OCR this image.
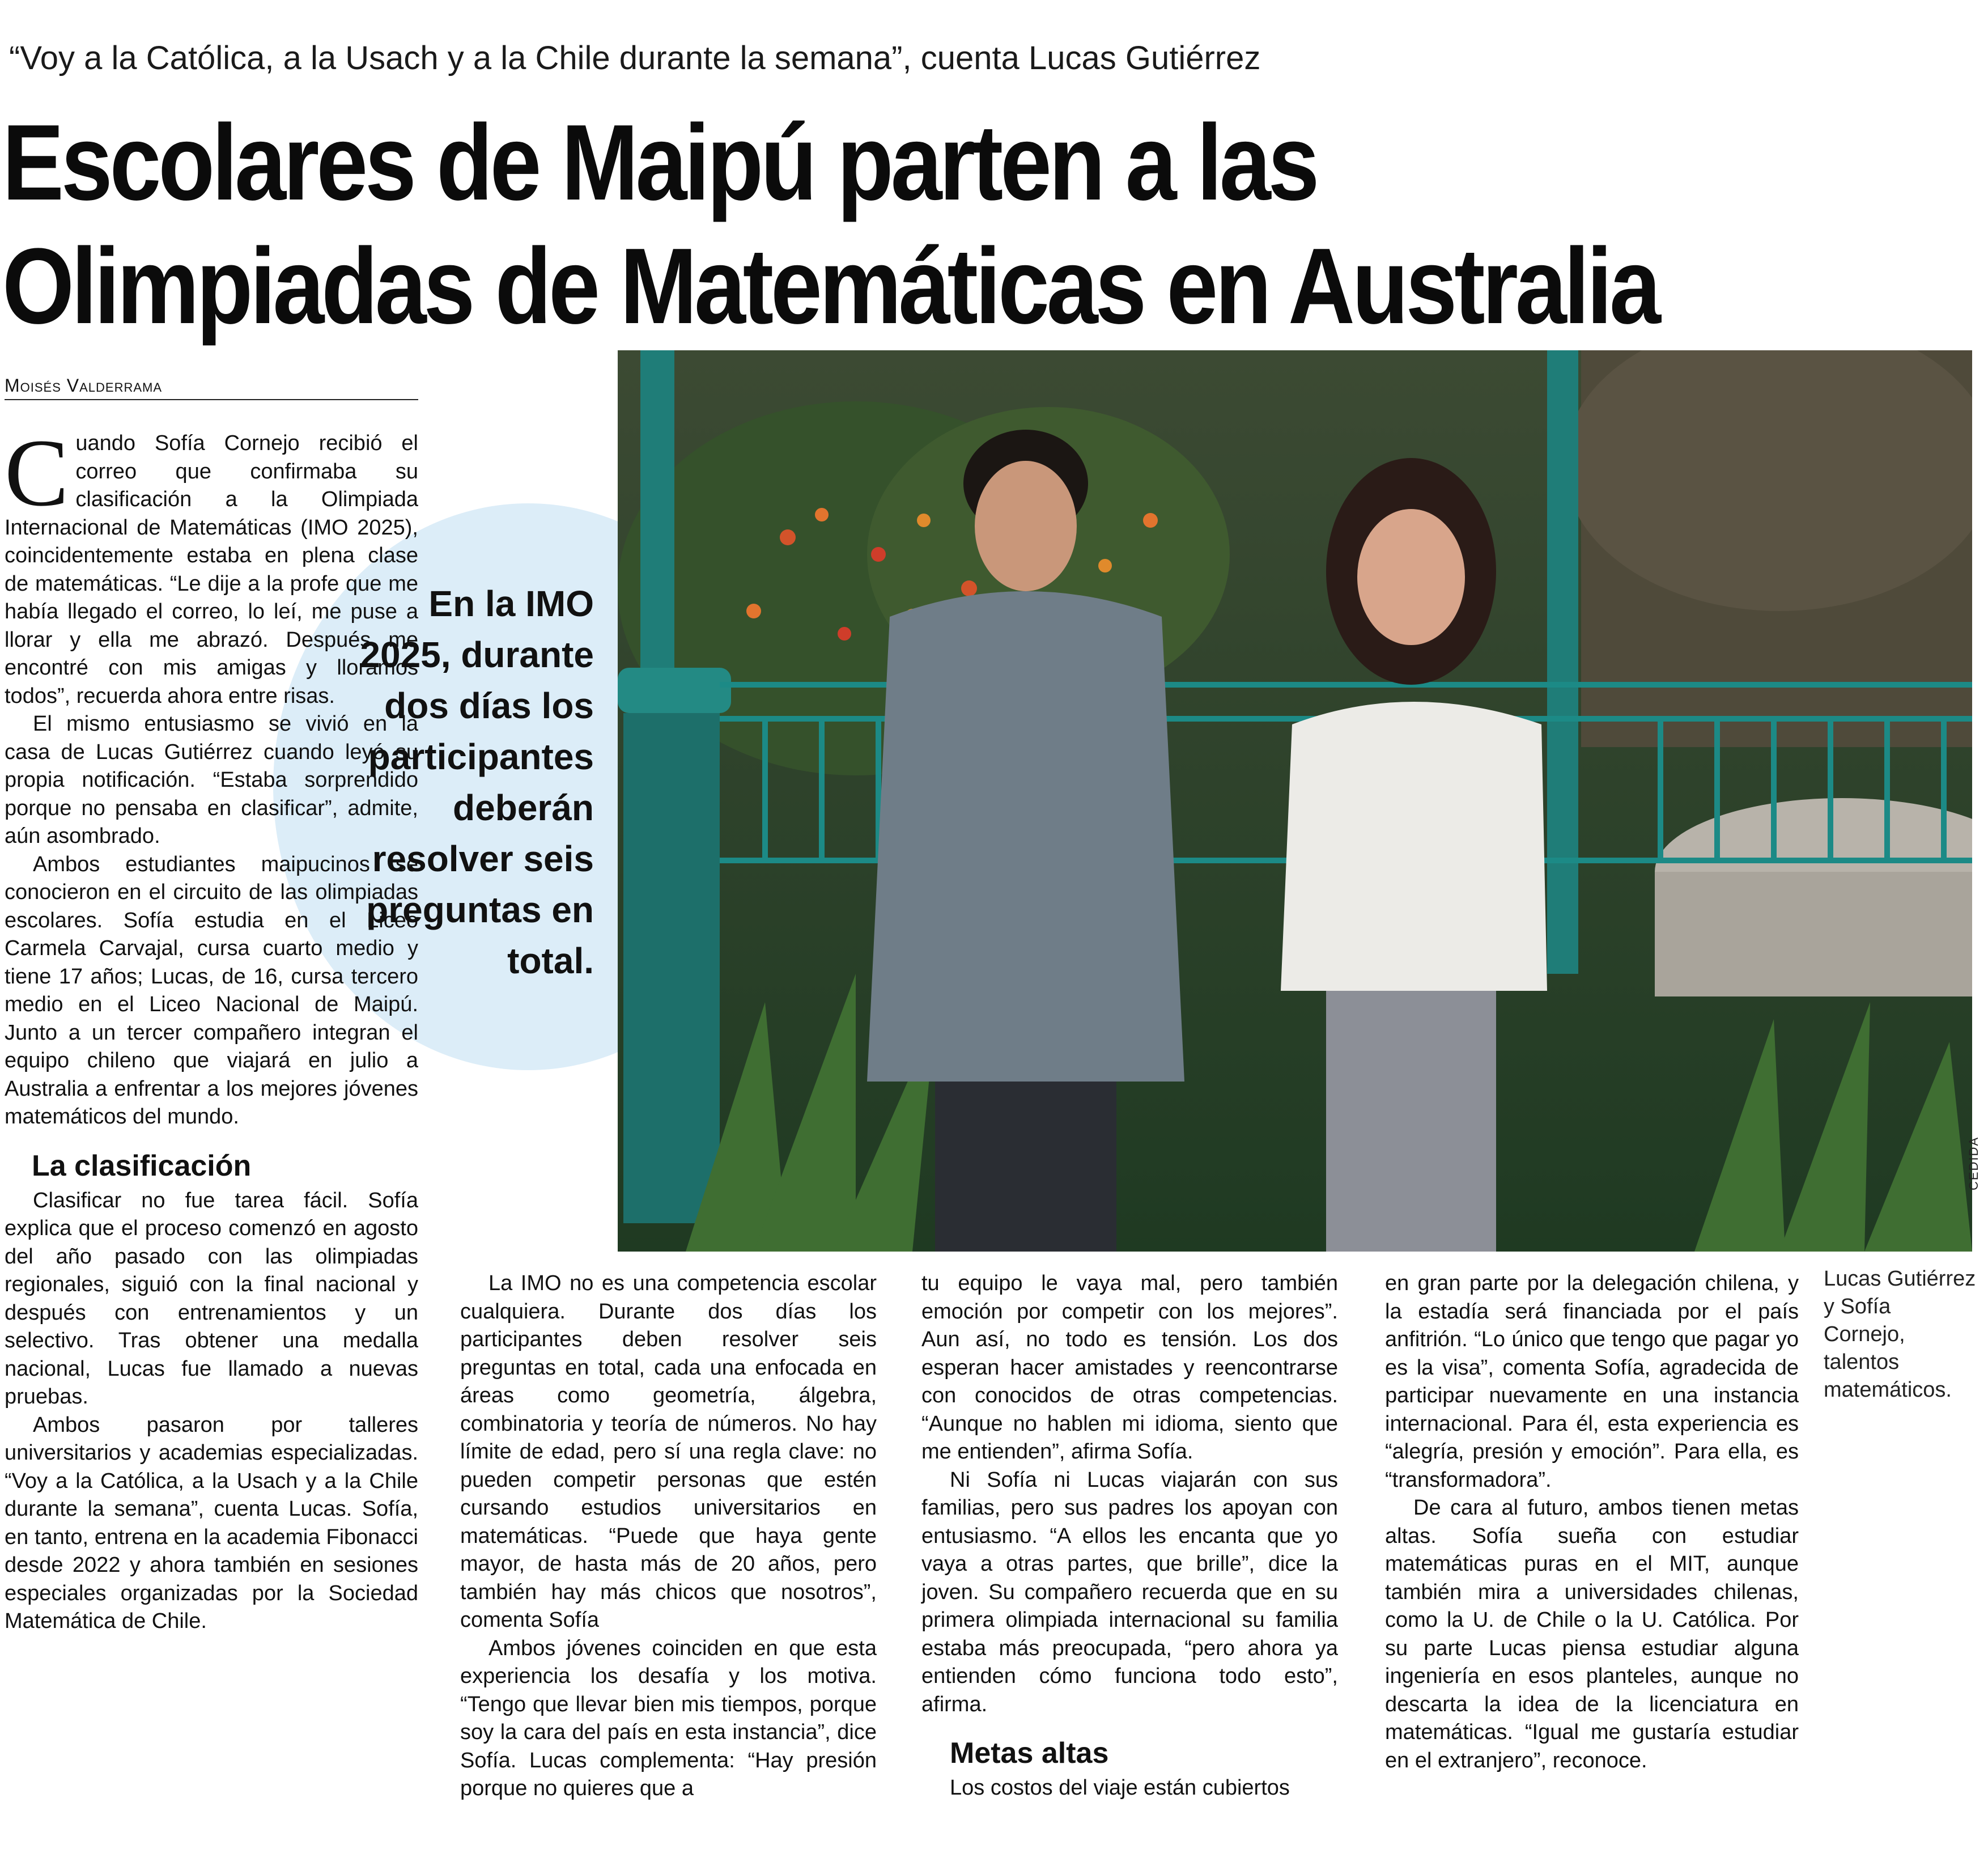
“Voy a la Católica, a la Usach y a la Chile durante la semana”, cuenta Lucas Gutiérrez
Escolares de Maipú parten a las
Olimpiadas de Matemáticas en Australia
Moisés Valderrama
CEDIDA
En la IMO 2025, durante dos días los participantes deberán resolver seis preguntas en total.

Cuando Sofía Cornejo recibió el correo que confirmaba su clasificación a la Olimpiada Internacional de Matemáticas (IMO 2025), coincidentemente estaba en plena clase de matemáticas. “Le dije a la profe que me había llegado el correo, lo leí, me puse a llorar y ella me abrazó. Después me encontré con mis amigas y lloramos todos”, recuerda ahora entre risas.

El mismo entusiasmo se vivió en la casa de Lucas Gutiérrez cuando leyó su propia notificación. “Estaba sorprendido porque no pensaba en clasificar”, admite, aún asombrado.

Ambos estudiantes maipucinos se conocieron en el circuito de las olimpiadas escolares. Sofía estudia en el Liceo Carmela Carvajal, cursa cuarto medio y tiene 17 años; Lucas, de 16, cursa tercero medio en el Liceo Nacional de Maipú. Junto a un tercer compañero integran el equipo chileno que viajará en julio a Australia a enfrentar a los mejores jóvenes matemáticos del mundo.

La clasificación

Clasificar no fue tarea fácil. Sofía explica que el proceso comenzó en agosto del año pasado con las olimpiadas regionales, siguió con la final nacional y después con entrenamientos y un selectivo. Tras obtener una medalla nacional, Lucas fue llamado a nuevas pruebas.

Ambos pasaron por talleres universitarios y academias especializadas. “Voy a la Católica, a la Usach y a la Chile durante la semana”, cuenta Lucas. Sofía, en tanto, entrena en la academia Fibonacci desde 2022 y ahora también en sesiones especiales organizadas por la Sociedad Matemática de Chile.

La IMO no es una competencia escolar cualquiera. Durante dos días los participantes deben resolver seis preguntas en total, cada una enfocada en áreas como geometría, álgebra, combinatoria y teoría de números. No hay límite de edad, pero sí una regla clave: no pueden competir personas que estén cursando estudios universitarios en matemáticas. “Puede que haya gente mayor, de hasta más de 20 años, pero también hay más chicos que nosotros”, comenta Sofía

Ambos jóvenes coinciden en que esta experiencia los desafía y los motiva. “Tengo que llevar bien mis tiempos, porque soy la cara del país en esta instancia”, dice Sofía. Lucas complementa: “Hay presión porque no quieres que a

tu equipo le vaya mal, pero también emoción por competir con los mejores”. Aun así, no todo es tensión. Los dos esperan hacer amistades y reencontrarse con conocidos de otras competencias. “Aunque no hablen mi idioma, siento que me entienden”, afirma Sofía.

Ni Sofía ni Lucas viajarán con sus familias, pero sus padres los apoyan con entusiasmo. “A ellos les encanta que yo vaya a otras partes, que brille”, dice la joven. Su compañero recuerda que en su primera olimpiada internacional su familia estaba más preocupada, “pero ahora ya entienden cómo funciona todo esto”, afirma.

Metas altas

Los costos del viaje están cubiertos

en gran parte por la delegación chilena, y la estadía será financiada por el país anfitrión. “Lo único que tengo que pagar yo es la visa”, comenta Sofía, agradecida de participar nuevamente en una instancia internacional. Para él, esta experiencia es “alegría, presión y emoción”. Para ella, es “transformadora”.

De cara al futuro, ambos tienen metas altas. Sofía sueña con estudiar matemáticas puras en el MIT, aunque también mira a universidades chilenas, como la U. de Chile o la U. Católica. Por su parte Lucas piensa estudiar alguna ingeniería en esos planteles, aunque no descarta la idea de la licenciatura en matemáticas. “Igual me gustaría estudiar en el extranjero”, reconoce.

Lucas Gutiérrez y Sofía Cornejo, talentos matemáticos.
